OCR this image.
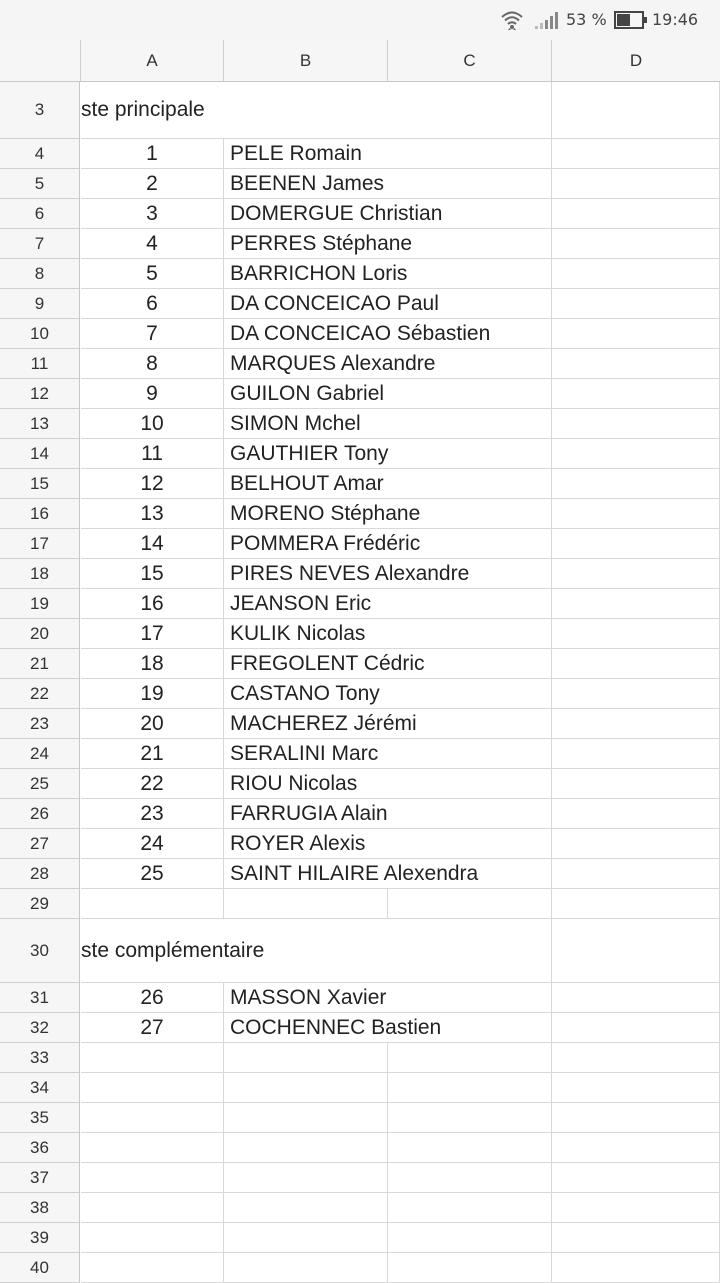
53 %	19:46
A	B	C	D
3	ste principale
4	1	PELE Romain
5	2	BEENEN James
6	3	DOMERGUE Christian
7	4	PERRES Stéphane
8	5	BARRICHON Loris
9	6	DA CONCEICAO Paul
10	7	DA CONCEICAO Sébastien
11	8	MARQUES Alexandre
12	9	GUILON Gabriel
13	10	SIMON Mchel
14	11	GAUTHIER Tony
15	12	BELHOUT Amar
16	13	MORENO Stéphane
17	14	POMMERA Frédéric
18	15	PIRES NEVES Alexandre
19	16	JEANSON Eric
20	17	KULIK Nicolas
21	18	FREGOLENT Cédric
22	19	CASTANO Tony
23	20	MACHEREZ Jérémi
24	21	SERALINI Marc
25	22	RIOU Nicolas
26	23	FARRUGIA Alain
27	24	ROYER Alexis
28	25	SAINT HILAIRE Alexendra
29
30	ste complémentaire
31	26	MASSON Xavier
32	27	COCHENNEC Bastien
33
34
35
36
37
38
39
40
